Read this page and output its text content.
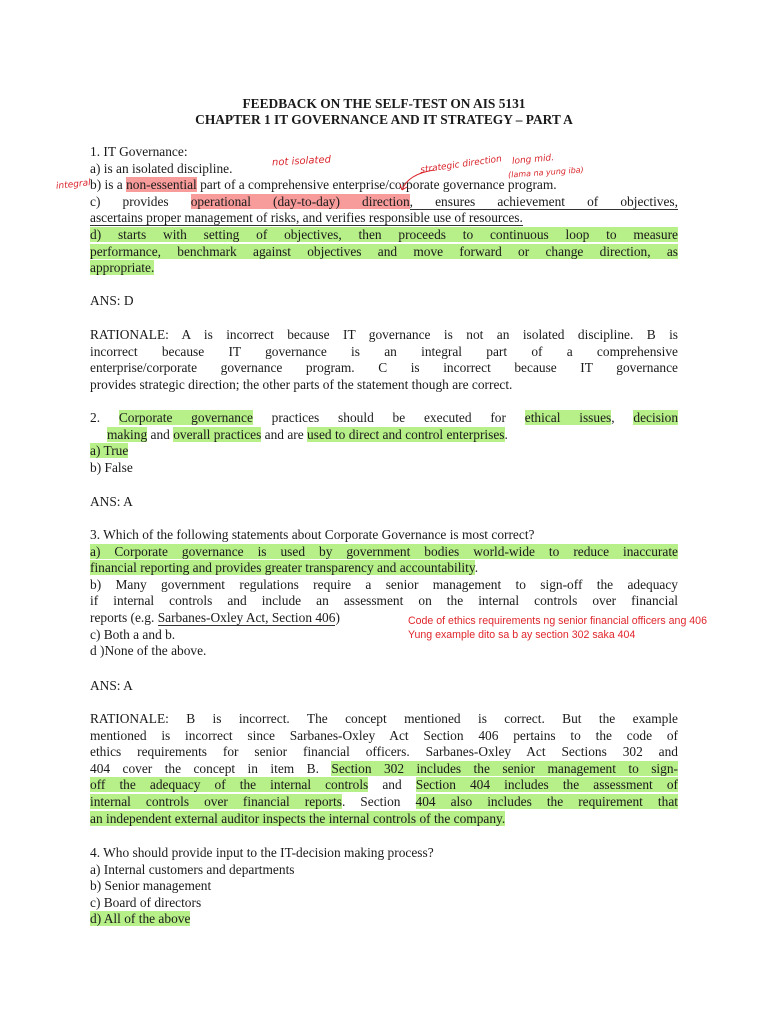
FEEDBACK ON THE SELF-TEST ON AIS 5131
CHAPTER 1 IT GOVERNANCE AND IT STRATEGY – PART A

1. IT Governance:

a) is an isolated discipline.

b) is a non-essential part of a comprehensive enterprise/corporate governance program.

c) provides operational (day-to-day) direction, ensures achievement of objectives,

ascertains proper management of risks, and verifies responsible use of resources.

d) starts with setting of objectives, then proceeds to continuous loop to measure

performance, benchmark against objectives and move forward or change direction, as

appropriate.

ANS: D

RATIONALE: A is incorrect because IT governance is not an isolated discipline. B is

incorrect because IT governance is an integral part of a comprehensive

enterprise/corporate governance program. C is incorrect because IT governance

provides strategic direction; the other parts of the statement though are correct.

2. Corporate governance practices should be executed for ethical issues, decision

making and overall practices and are used to direct and control enterprises.

a) True

b) False

ANS: A

3. Which of the following statements about Corporate Governance is most correct?

a) Corporate governance is used by government bodies world-wide to reduce inaccurate

financial reporting and provides greater transparency and accountability.

b) Many government regulations require a senior management to sign-off the adequacy

if internal controls and include an assessment on the internal controls over financial

reports (e.g. Sarbanes-Oxley Act, Section 406)

c) Both a and b.

d )None of the above.

ANS: A

RATIONALE: B is incorrect. The concept mentioned is correct. But the example

mentioned is incorrect since Sarbanes-Oxley Act Section 406 pertains to the code of

ethics requirements for senior financial officers. Sarbanes-Oxley Act Sections 302 and

404 cover the concept in item B. Section 302 includes the senior management to sign-

off the adequacy of the internal controls and Section 404 includes the assessment of

internal controls over financial reports. Section 404 also includes the requirement that

an independent external auditor inspects the internal controls of the company.

4. Who should provide input to the IT-decision making process?

a) Internal customers and departments

b) Senior management

c) Board of directors

d) All of the above

not isolated
integral
strategic direction long mid.
(lama na yung iba)
Code of ethics requirements ng senior financial officers ang 406
Yung example dito sa b ay section 302 saka 404
